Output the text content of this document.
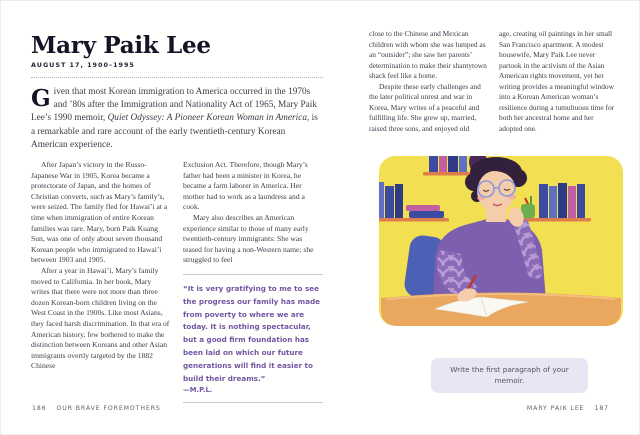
Mary Paik Lee
AUGUST 17, 1900–1995

Given that most Korean immigration to America occurred in the 1970s and ’80s after the Immigration and Nationality Act of 1965, Mary Paik Lee’s 1990 memoir, Quiet Odyssey: A Pioneer Korean Woman in America, is a remarkable and rare account of the early twentieth-century Korean American experience.

After Japan’s victory in the Russo-Japanese War in 1905, Korea became a protectorate of Japan, and the homes of Christian converts, such as Mary’s family’s, were seized. The family fled for Hawai’i at a time when immigration of entire Korean families was rare. Mary, born Paik Kuang Sun, was one of only about seven thousand Korean people who immigrated to Hawai’i between 1903 and 1905.

After a year in Hawai’i, Mary’s family moved to California. In her book, Mary writes that there were not more than three dozen Korean-born children living on the West Coast in the 1900s. Like most Asians, they faced harsh discrimination. In that era of American history, few bothered to make the distinction between Koreans and other Asian immigrants overtly targeted by the 1882 Chinese

Exclusion Act. Therefore, though Mary’s father had been a minister in Korea, he became a farm laborer in America. Her mother had to work as a laundress and a cook.

Mary also describes an American experience similar to those of many early twentieth-century immigrants: She was teased for having a non-Western name; she struggled to feel

“It is very gratifying to me to see the progress our family has made from poverty to where we are today. It is nothing spectacular, but a good firm foundation has been laid on which our future generations will find it easier to build their dreams.”

—M.P.L.

close to the Chinese and Mexican children with whom she was lumped as an “outsider”; she saw her parents’ determination to make their shantytown shack feel like a home.

Despite these early challenges and the later political unrest and war in Korea, Mary writes of a peaceful and fulfilling life. She grew up, married, raised three sons, and enjoyed old

age, creating oil paintings in her small San Francisco apartment. A modest housewife, Mary Paik Lee never partook in the activism of the Asian American rights movement, yet her writing provides a meaningful window into a Korean American woman’s resilience during a tumultuous time for both her ancestral home and her adopted one.

Write the first paragraph of your memoir.
186 OUR BRAVE FOREMOTHERS	MARY PAIK LEE 187
